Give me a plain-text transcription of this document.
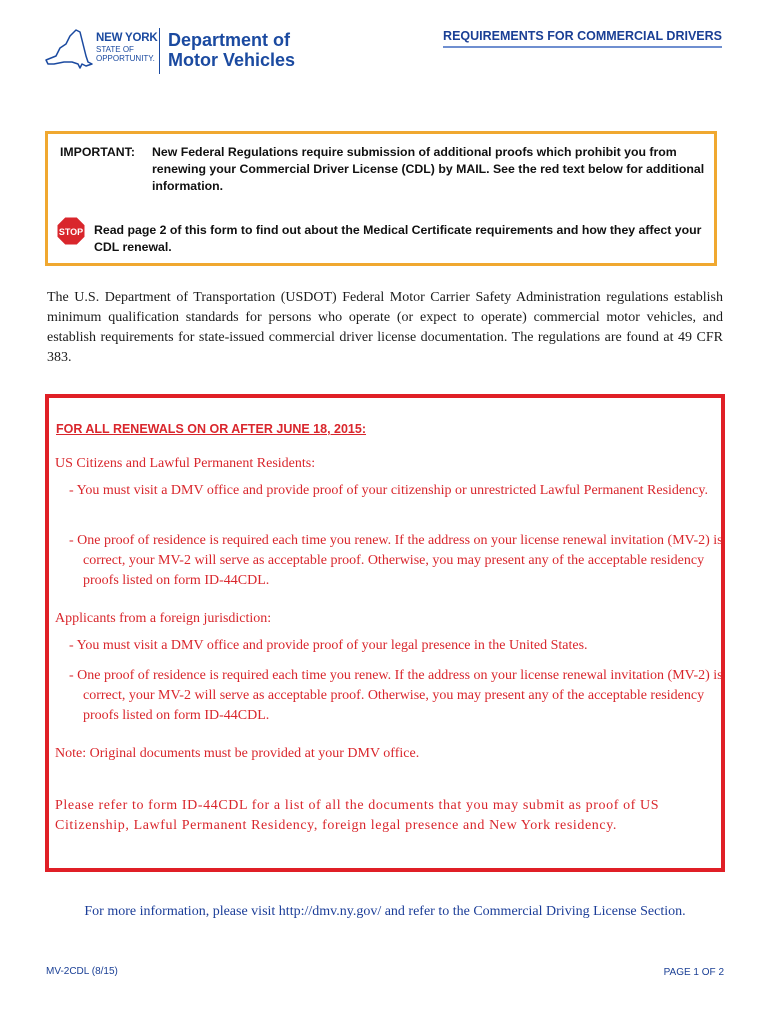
NEW YORK
STATE OF OPPORTUNITY.
Department of Motor Vehicles
REQUIREMENTS FOR COMMERCIAL DRIVERS
IMPORTANT: New Federal Regulations require submission of additional proofs which prohibit you from renewing your Commercial Driver License (CDL) by MAIL. See the red text below for additional information.
STOP Read page 2 of this form to find out about the Medical Certificate requirements and how they affect your CDL renewal.
The U.S. Department of Transportation (USDOT) Federal Motor Carrier Safety Administration regulations establish minimum qualification standards for persons who operate (or expect to operate) commercial motor vehicles, and establish requirements for state-issued commercial driver license documentation. The regulations are found at 49 CFR 383.
FOR ALL RENEWALS ON OR AFTER JUNE 18, 2015:
US Citizens and Lawful Permanent Residents:
- You must visit a DMV office and provide proof of your citizenship or unrestricted Lawful Permanent Residency.
- One proof of residence is required each time you renew. If the address on your license renewal invitation (MV-2) is correct, your MV-2 will serve as acceptable proof. Otherwise, you may present any of the acceptable residency proofs listed on form ID-44CDL.
Applicants from a foreign jurisdiction:
- You must visit a DMV office and provide proof of your legal presence in the United States.
- One proof of residence is required each time you renew. If the address on your license renewal invitation (MV-2) is correct, your MV-2 will serve as acceptable proof. Otherwise, you may present any of the acceptable residency proofs listed on form ID-44CDL.
Note: Original documents must be provided at your DMV office.
Please refer to form ID-44CDL for a list of all the documents that you may submit as proof of US Citizenship, Lawful Permanent Residency, foreign legal presence and New York residency.
For more information, please visit http://dmv.ny.gov/ and refer to the Commercial Driving License Section.
MV-2CDL (8/15)	PAGE 1 OF 2
